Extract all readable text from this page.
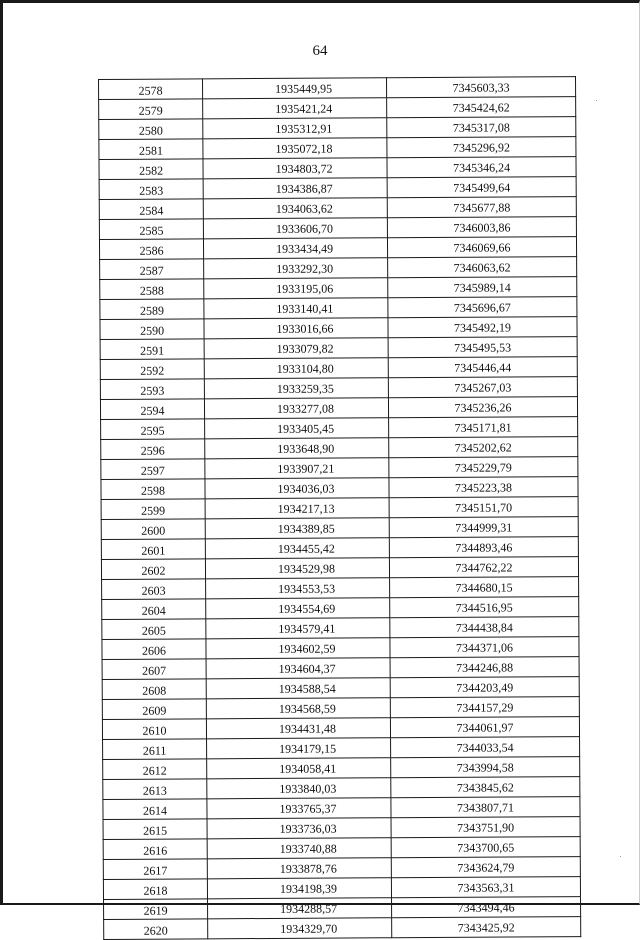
64
2578	1935449,95	7345603,33
2579	1935421,24	7345424,62
2580	1935312,91	7345317,08
2581	1935072,18	7345296,92
2582	1934803,72	7345346,24
2583	1934386,87	7345499,64
2584	1934063,62	7345677,88
2585	1933606,70	7346003,86
2586	1933434,49	7346069,66
2587	1933292,30	7346063,62
2588	1933195,06	7345989,14
2589	1933140,41	7345696,67
2590	1933016,66	7345492,19
2591	1933079,82	7345495,53
2592	1933104,80	7345446,44
2593	1933259,35	7345267,03
2594	1933277,08	7345236,26
2595	1933405,45	7345171,81
2596	1933648,90	7345202,62
2597	1933907,21	7345229,79
2598	1934036,03	7345223,38
2599	1934217,13	7345151,70
2600	1934389,85	7344999,31
2601	1934455,42	7344893,46
2602	1934529,98	7344762,22
2603	1934553,53	7344680,15
2604	1934554,69	7344516,95
2605	1934579,41	7344438,84
2606	1934602,59	7344371,06
2607	1934604,37	7344246,88
2608	1934588,54	7344203,49
2609	1934568,59	7344157,29
2610	1934431,48	7344061,97
2611	1934179,15	7344033,54
2612	1934058,41	7343994,58
2613	1933840,03	7343845,62
2614	1933765,37	7343807,71
2615	1933736,03	7343751,90
2616	1933740,88	7343700,65
2617	1933878,76	7343624,79
2618	1934198,39	7343563,31
2619	1934288,57	7343494,46
2620	1934329,70	7343425,92
